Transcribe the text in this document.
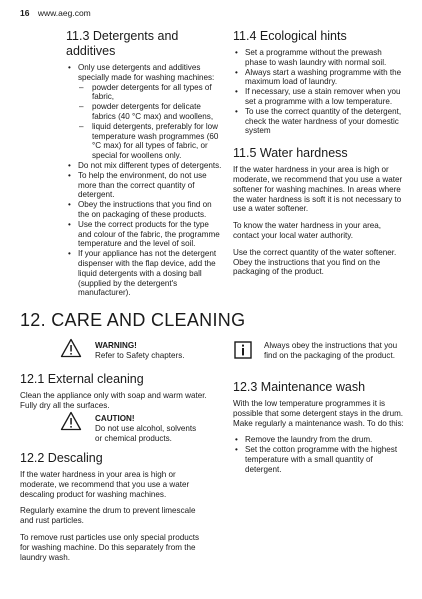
16 www.aeg.com
11.3 Detergents and additives
• Only use detergents and additives specially made for washing machines:
– powder detergents for all types of fabric,
– powder detergents for delicate fabrics (40 °C max) and woollens,
– liquid detergents, preferably for low temperature wash programmes (60 °C max) for all types of fabric, or special for woollens only.
• Do not mix different types of detergents.
• To help the environment, do not use more than the correct quantity of detergent.
• Obey the instructions that you find on the on packaging of these products.
• Use the correct products for the type and colour of the fabric, the programme temperature and the level of soil.
• If your appliance has not the detergent dispenser with the flap device, add the liquid detergents with a dosing ball (supplied by the detergent's manufacturer).
11.4 Ecological hints
• Set a programme without the prewash phase to wash laundry with normal soil.
• Always start a washing programme with the maximum load of laundry.
• If necessary, use a stain remover when you set a programme with a low temperature.
• To use the correct quantity of the detergent, check the water hardness of your domestic system
11.5 Water hardness

If the water hardness in your area is high or moderate, we recommend that you use a water softener for washing machines. In areas where the water hardness is soft it is not necessary to use a water softener.

To know the water hardness in your area, contact your local water authority.

Use the correct quantity of the water softener. Obey the instructions that you find on the packaging of the product.

12. CARE AND CLEANING
WARNING!
Refer to Safety chapters.
Always obey the instructions that you find on the packaging of the product.
12.1 External cleaning

Clean the appliance only with soap and warm water. Fully dry all the surfaces.

CAUTION!
Do not use alcohol, solvents or chemical products.
12.2 Descaling

If the water hardness in your area is high or moderate, we recommend that you use a water descaling product for washing machines.

Regularly examine the drum to prevent limescale and rust particles.

To remove rust particles use only special products for washing machine. Do this separately from the laundry wash.

12.3 Maintenance wash

With the low temperature programmes it is possible that some detergent stays in the drum. Make regularly a maintenance wash. To do this:

• Remove the laundry from the drum.
• Set the cotton programme with the highest temperature with a small quantity of detergent.
